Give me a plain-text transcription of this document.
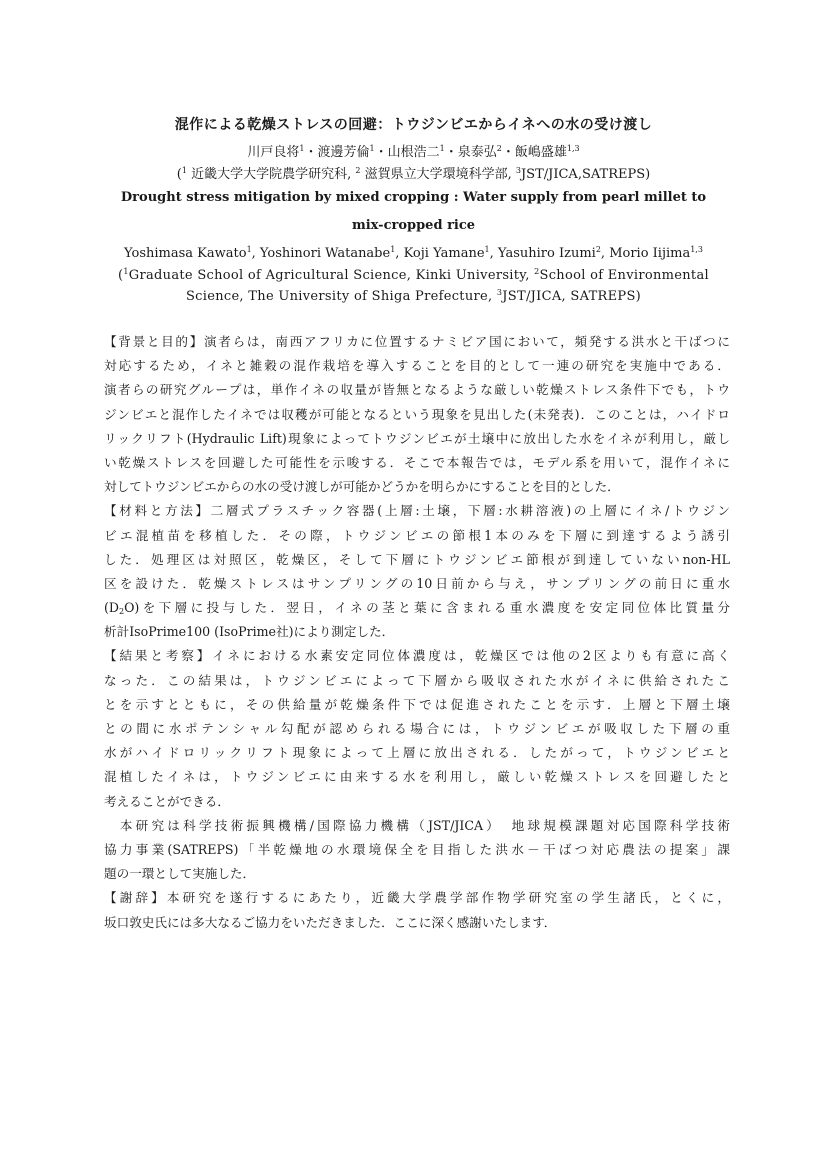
混作による乾燥ストレスの回避：トウジンビエからイネへの水の受け渡し
川戸良将$^1$・渡邊芳倫$^1$・山根浩二$^1$・泉泰弘$^2$・飯嶋盛雄$^{1,3}$
($^1$ 近畿大学大学院農学研究科, $^2$ 滋賀県立大学環境科学部, $^3$JST/JICA,SATREPS)
Drought stress mitigation by mixed cropping : Water supply from pearl millet to
mix-cropped rice
Yoshimasa Kawato$^1$, Yoshinori Watanabe$^1$, Koji Yamane$^1$, Yasuhiro Izumi$^2$, Morio Iijima$^{1,3}$
($^1$Graduate School of Agricultural Science, Kinki University, $^2$School of Environmental
Science, The University of Shiga Prefecture, $^3$JST/JICA, SATREPS)
【背景と目的】演者らは，南西アフリカに位置するナミビア国において，頻発する洪水と干ばつに
対応するため，イネと雑穀の混作栽培を導入することを目的として一連の研究を実施中である．
演者らの研究グループは，単作イネの収量が皆無となるような厳しい乾燥ストレス条件下でも，トウ
ジンビエと混作したイネでは収穫が可能となるという現象を見出した(未発表)．このことは，ハイドロ
リックリフト(Hydraulic Lift)現象によってトウジンビエが土壌中に放出した水をイネが利用し，厳し
い乾燥ストレスを回避した可能性を示唆する．そこで本報告では，モデル系を用いて，混作イネに
対してトウジンビエからの水の受け渡しが可能かどうかを明らかにすることを目的とした．
【材料と方法】二層式プラスチック容器(上層:土壌，下層:水耕溶液)の上層にイネ/トウジン
ビエ混植苗を移植した．その際，トウジンビエの節根1本のみを下層に到達するよう誘引
した．処理区は対照区，乾燥区，そして下層にトウジンビエ節根が到達していないnon-HL
区を設けた．乾燥ストレスはサンプリングの10日前から与え，サンプリングの前日に重水
$(D_2O)$を下層に投与した．翌日，イネの茎と葉に含まれる重水濃度を安定同位体比質量分
析計IsoPrime100 (IsoPrime社)により測定した．
【結果と考察】イネにおける水素安定同位体濃度は，乾燥区では他の2区よりも有意に高く
なった．この結果は，トウジンビエによって下層から吸収された水がイネに供給されたこ
とを示すとともに，その供給量が乾燥条件下では促進されたことを示す．上層と下層土壌
との間に水ポテンシャル勾配が認められる場合には，トウジンビエが吸収した下層の重
水がハイドロリックリフト現象によって上層に放出される．したがって，トウジンビエと
混植したイネは，トウジンビエに由来する水を利用し，厳しい乾燥ストレスを回避したと
考えることができる．
　本研究は科学技術振興機構/国際協力機構（JST/JICA）　地球規模課題対応国際科学技術
協力事業(SATREPS)「半乾燥地の水環境保全を目指した洪水－干ばつ対応農法の提案」課
題の一環として実施した．
【謝辞】本研究を遂行するにあたり，近畿大学農学部作物学研究室の学生諸氏，とくに，
坂口敦史氏には多大なるご協力をいただきました．ここに深く感謝いたします．
